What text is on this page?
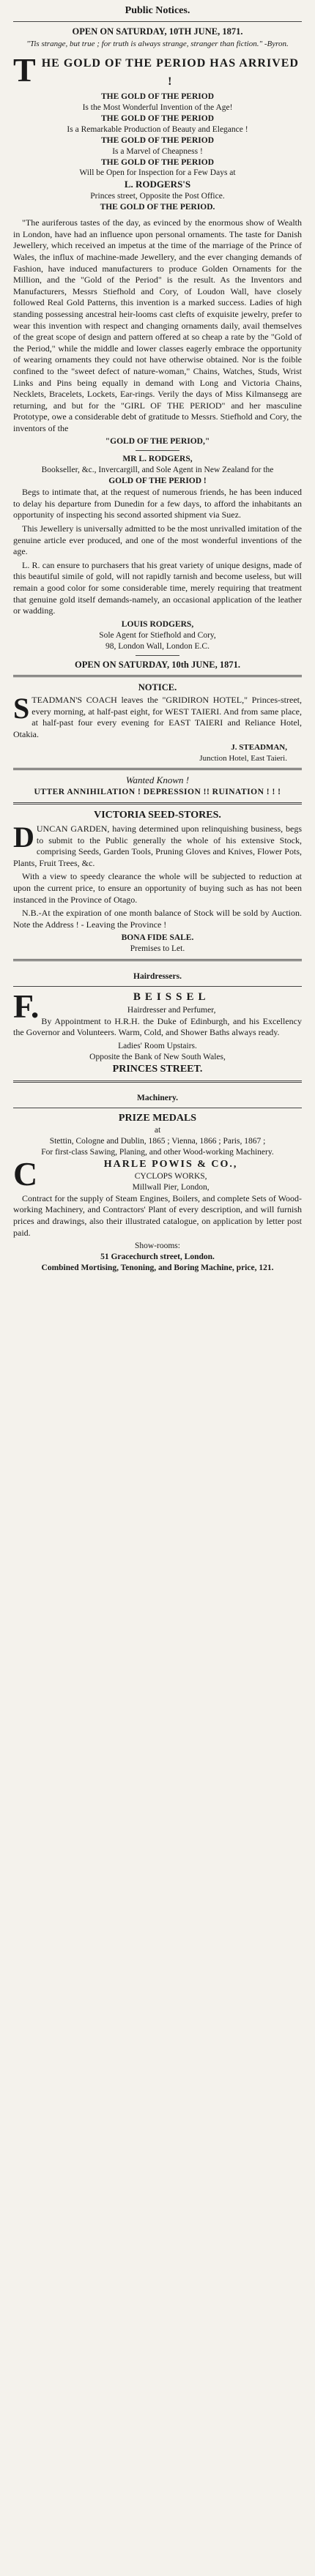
Public Notices.
OPEN ON SATURDAY, 10TH JUNE, 1871.
"Tis strange, but true ; for truth is always strange, stranger than fiction." -Byron.
T HE GOLD OF THE PERIOD HAS ARRIVED !
THE GOLD OF THE PERIOD
Is the Most Wonderful Invention of the Age!
THE GOLD OF THE PERIOD
Is a Remarkable Production of Beauty and Elegance !
THE GOLD OF THE PERIOD
Is a Marvel of Cheapness !
THE GOLD OF THE PERIOD
Will be Open for Inspection for a Few Days at
L. RODGERS'S
Princes street, Opposite the Post Office.
THE GOLD OF THE PERIOD.

"The auriferous tastes of the day, as evinced by the enormous show of Wealth in London, have had an influence upon personal ornaments. The taste for Danish Jewellery, which received an impetus at the time of the marriage of the Prince of Wales, the influx of machine-made Jewellery, and the ever changing demands of Fashion, have induced manufacturers to produce Golden Ornaments for the Million, and the "Gold of the Period" is the result. As the Inventors and Manufacturers, Messrs Stiefhold and Cory, of Loudon Wall, have closely followed Real Gold Patterns, this invention is a marked success. Ladies of high standing possessing ancestral heir-looms cast clefts of exquisite jewelry, prefer to wear this invention with respect and changing ornaments daily, avail themselves of the great scope of design and pattern offered at so cheap a rate by the "Gold of the Period," while the middle and lower classes eagerly embrace the opportunity of wearing ornaments they could not have otherwise obtained. Nor is the foible confined to the "sweet defect of nature-woman," Chains, Watches, Studs, Wrist Links and Pins being equally in demand with Long and Victoria Chains, Necklets, Bracelets, Lockets, Ear-rings. Verily the days of Miss Kilmansegg are returning, and but for the "GIRL OF THE PERIOD" and her masculine Prototype, owe a considerable debt of gratitude to Messrs. Stiefhold and Cory, the inventors of the

"GOLD OF THE PERIOD,"
MR L. RODGERS,
Bookseller, &c., Invercargill, and Sole Agent in New Zealand for the
GOLD OF THE PERIOD !

Begs to intimate that, at the request of numerous friends, he has been induced to delay his departure from Dunedin for a few days, to afford the inhabitants an opportunity of inspecting his second assorted shipment via Suez.

This Jewellery is universally admitted to be the most unrivalled imitation of the genuine article ever produced, and one of the most wonderful inventions of the age.

L. R. can ensure to purchasers that his great variety of unique designs, made of this beautiful simile of gold, will not rapidly tarnish and become useless, but will remain a good color for some considerable time, merely requiring that treatment that genuine gold itself demands-namely, an occasional application of the leather or wadding.

LOUIS RODGERS,
Sole Agent for Stiefhold and Cory,
98, London Wall, London E.C.
OPEN ON SATURDAY, 10th JUNE, 1871.
NOTICE.

STEADMAN'S COACH leaves the "GRIDIRON HOTEL," Princes-street, every morning, at half-past eight, for WEST TAIERI. And from same place, at half-past four every evening for EAST TAIERI and Reliance Hotel, Otakia.

J. STEADMAN,
Junction Hotel, East Taieri.
Wanted Known !
UTTER ANNIHILATION ! DEPRESSION !! RUINATION ! ! !
VICTORIA SEED-STORES.

DUNCAN GARDEN, having determined upon relinquishing business, begs to submit to the Public generally the whole of his extensive Stock, comprising Seeds, Garden Tools, Pruning Gloves and Knives, Flower Pots, Plants, Fruit Trees, &c.

With a view to speedy clearance the whole will be subjected to reduction at upon the current price, to ensure an opportunity of buying such as has not been instanced in the Province of Otago.

N.B.-At the expiration of one month balance of Stock will be sold by Auction. Note the Address ! - Leaving the Province !

BONA FIDE SALE.
Premises to Let.
Hairdressers.
F.	BEISSEL
Hairdresser and Perfumer,

By Appointment to H.R.H. the Duke of Edinburgh, and his Excellency the Governor and Volunteers. Warm, Cold, and Shower Baths always ready.

Ladies' Room Upstairs.
Opposite the Bank of New South Wales,
PRINCES STREET.
Machinery.
PRIZE MEDALS
at
Stettin, Cologne and Dublin, 1865 ; Vienna, 1866 ; Paris, 1867 ;
For first-class Sawing, Planing, and other Wood-working Machinery.
C	HARLE POWIS & CO.,
CYCLOPS WORKS,
Millwall Pier, London,

Contract for the supply of Steam Engines, Boilers, and complete Sets of Wood-working Machinery, and Contractors' Plant of every description, and will furnish prices and drawings, also their illustrated catalogue, on application by letter post paid.

Show-rooms:
51 Gracechurch street, London.
Combined Mortising, Tenoning, and Boring Machine, price, 121.
